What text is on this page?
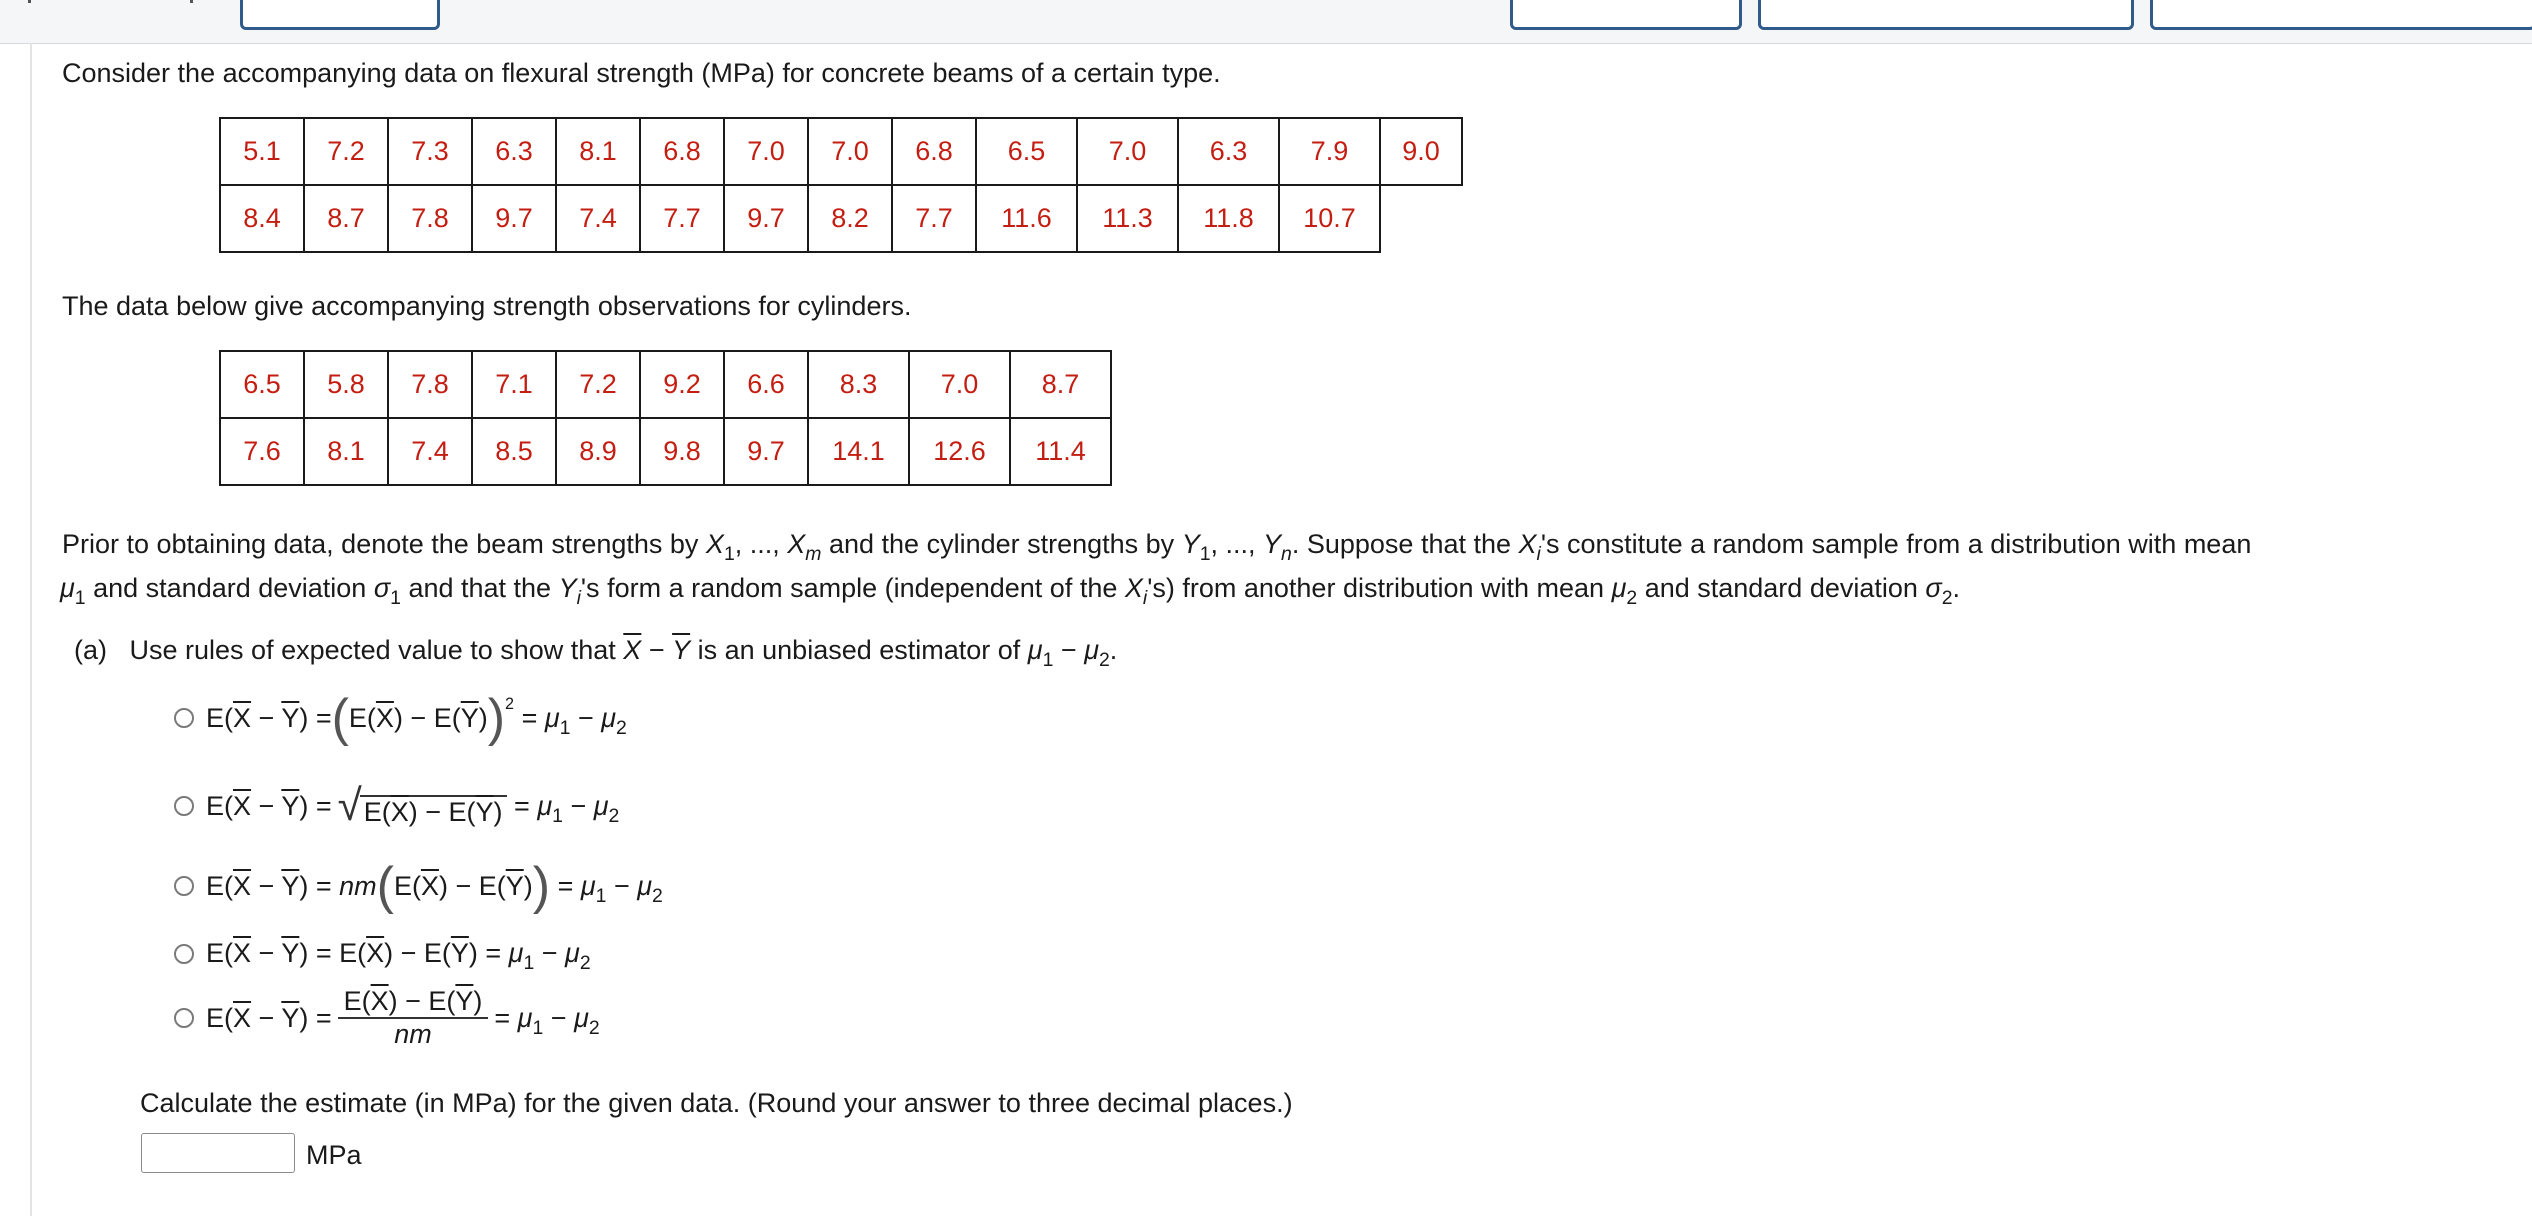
Consider the accompanying data on flexural strength (MPa) for concrete beams of a certain type.
5.1	7.2	7.3	6.3	8.1	6.8	7.0	7.0	6.8	6.5	7.0	6.3	7.9	9.0
8.4	8.7	7.8	9.7	7.4	7.7	9.7	8.2	7.7	11.6	11.3	11.8	10.7	
The data below give accompanying strength observations for cylinders.
6.5	5.8	7.8	7.1	7.2	9.2	6.6	8.3	7.0	8.7
7.6	8.1	7.4	8.5	8.9	9.8	9.7	14.1	12.6	11.4
Prior to obtaining data, denote the beam strengths by $X_1$, ..., $X_m$ and the cylinder strengths by $Y_1$, ..., $Y_n$. Suppose that the $X_i's$ constitute a random sample from a distribution with mean
$\mu_1$ and standard deviation $\sigma_1$ and that the $Y_i's$ form a random sample (independent of the $X_i's$) from another distribution with mean $\mu_2$ and standard deviation $\sigma_2$.
(a) Use rules of expected value to show that $\overline{X} - \overline{Y}$ is an unbiased estimator of $\mu_1 - \mu_2$.
$E(\overline{X} - \overline{Y})$ = ( $E(\overline{X}) - E(\overline{Y}) )^2 = \mu_1 - \mu_2$
$E(\overline{X} - \overline{Y})$ = √ $E(\overline{X}) - E(\overline{Y}) = \mu_1 - \mu_2$
$E(\overline{X} - \overline{Y})$ = nm ( $E(\overline{X}) - E(\overline{Y})$ ) = $\mu_1 - \mu_2$
$E(\overline{X} - \overline{Y}) = E(\overline{X}) - E(\overline{Y}) = \mu_1 - \mu_2$
$E(\overline{X} - \overline{Y}) = \frac{E(\overline{X}) - E(\overline{Y})}{nm} = \mu_1 - \mu_2$
Calculate the estimate (in MPa) for the given data. (Round your answer to three decimal places.)
MPa
